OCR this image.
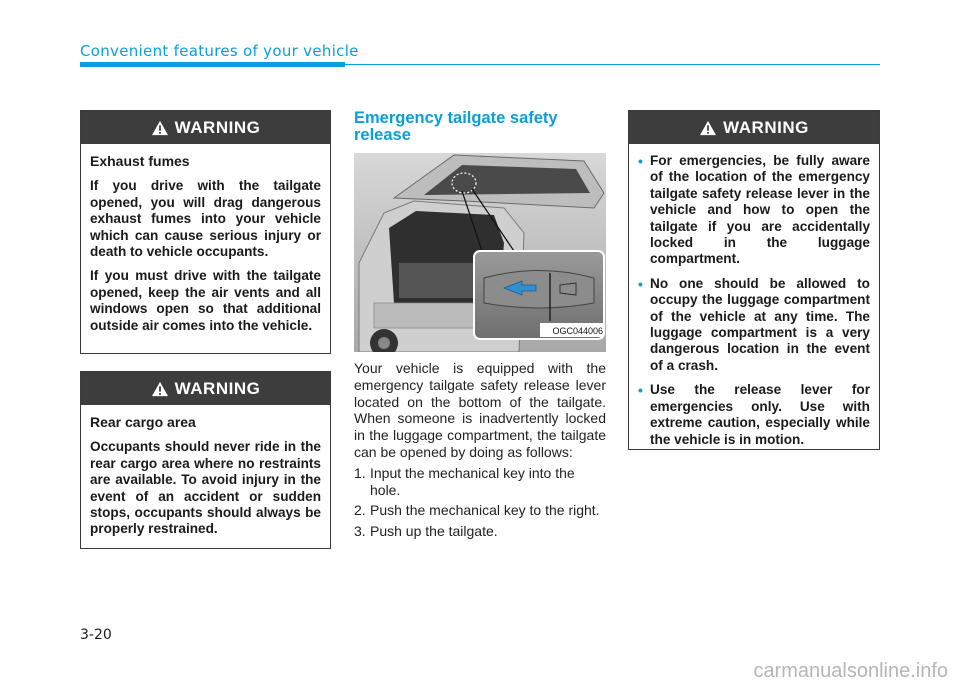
Convenient features of your vehicle
WARNING

Exhaust fumes

If you drive with the tailgate opened, you will drag dangerous exhaust fumes into your vehicle which can cause serious injury or death to vehicle occupants.

If you must drive with the tailgate opened, keep the air vents and all windows open so that additional outside air comes into the vehicle.

WARNING

Rear cargo area

Occupants should never ride in the rear cargo area where no restraints are available. To avoid injury in the event of an accident or sudden stops, occupants should always be properly restrained.

Emergency tailgate safety release
OGC044006

Your vehicle is equipped with the emergency tailgate safety release lever located on the bottom of the tailgate. When someone is inadvertently locked in the luggage compartment, the tailgate can be opened by doing as follows:

1. Input the mechanical key into the hole.
2. Push the mechanical key to the right.
3. Push up the tailgate.
WARNING
• For emergencies, be fully aware of the location of the emergency tailgate safety release lever in the vehicle and how to open the tailgate if you are accidentally locked in the luggage compartment.
• No one should be allowed to occupy the luggage compartment of the vehicle at any time. The luggage compartment is a very dangerous location in the event of a crash.
• Use the release lever for emergencies only. Use with extreme caution, especially while the vehicle is in motion.
3-20
carmanualsonline.info
